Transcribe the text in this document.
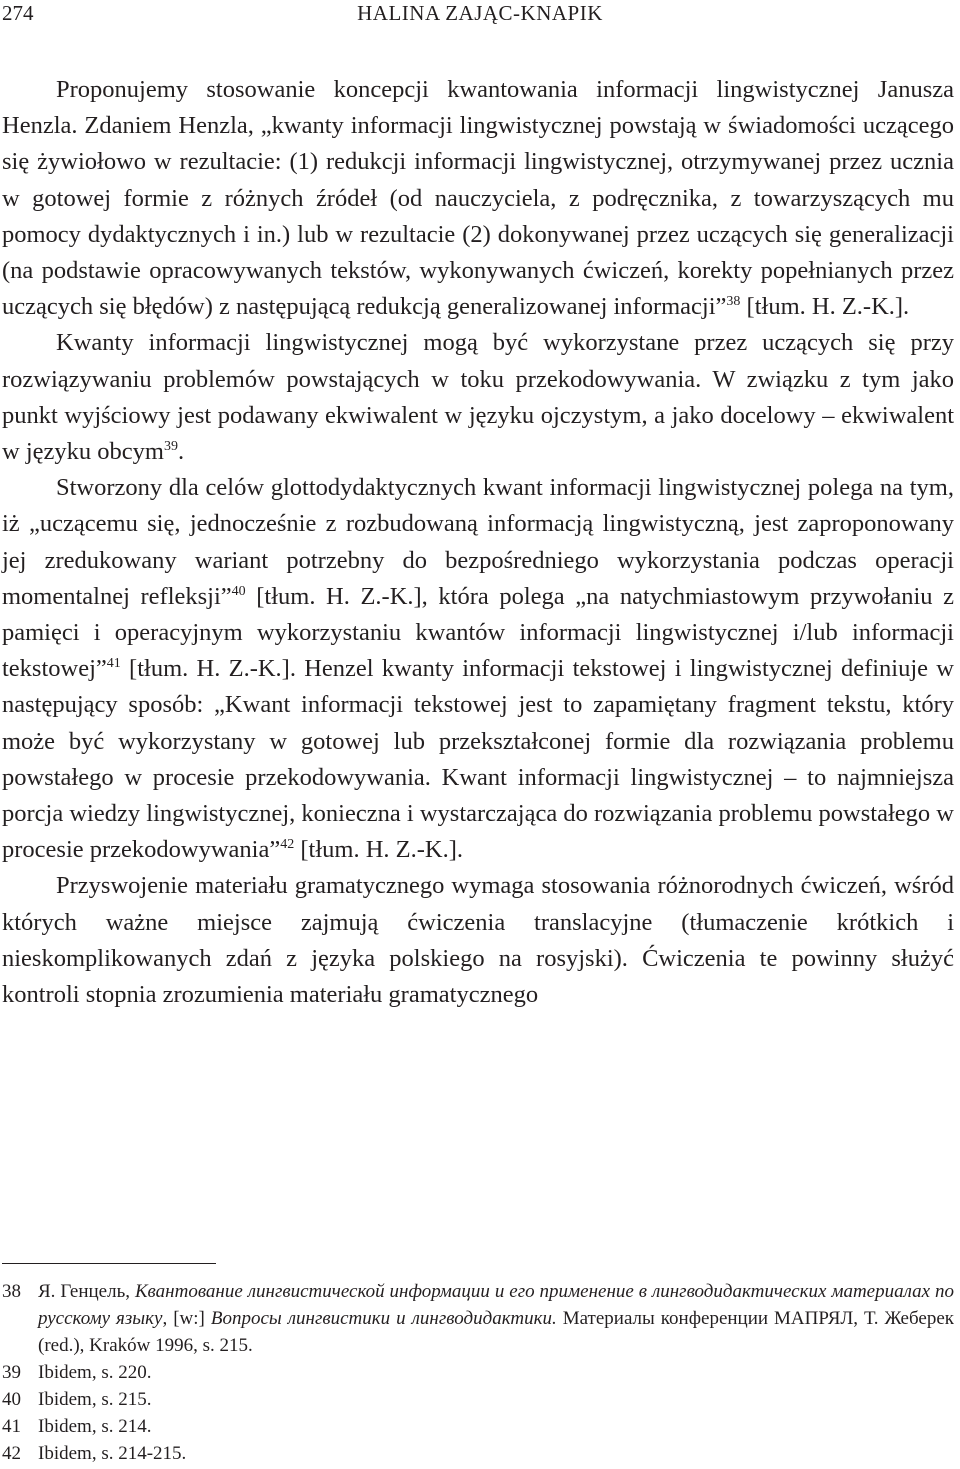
274	HALINA ZAJĄC-KNAPIK

Proponujemy stosowanie koncepcji kwantowania informacji lingwistycznej Janusza Henzla. Zdaniem Henzla, „kwanty informacji lingwistycznej powstają w świadomości uczącego się żywiołowo w rezultacie: (1) redukcji informacji lingwistycznej, otrzymywanej przez ucznia w gotowej formie z różnych źródeł (od nauczyciela, z podręcznika, z towarzyszących mu pomocy dydaktycznych i in.) lub w rezultacie (2) dokonywanej przez uczących się generalizacji (na podstawie opracowywanych tekstów, wykonywanych ćwiczeń, korekty popełnianych przez uczących się błędów) z następującą redukcją generalizowanej informacji”$^{38}$ [tłum. H. Z.-K.].

Kwanty informacji lingwistycznej mogą być wykorzystane przez uczących się przy rozwiązywaniu problemów powstających w toku przekodowywania. W związku z tym jako punkt wyjściowy jest podawany ekwiwalent w języku ojczystym, a jako docelowy – ekwiwalent w języku obcym$^{39}$.

Stworzony dla celów glottodydaktycznych kwant informacji lingwistycznej polega na tym, iż „uczącemu się, jednocześnie z rozbudowaną informacją lingwistyczną, jest zaproponowany jej zredukowany wariant potrzebny do bezpośredniego wykorzystania podczas operacji momentalnej refleksji”$^{40}$ [tłum. H. Z.-K.], która polega „na natychmiastowym przywołaniu z pamięci i operacyjnym wykorzystaniu kwantów informacji lingwistycznej i/lub informacji tekstowej”$^{41}$ [tłum. H. Z.-K.]. Henzel kwanty informacji tekstowej i lingwistycznej definiuje w następujący sposób: „Kwant informacji tekstowej jest to zapamiętany fragment tekstu, który może być wykorzystany w gotowej lub przekształconej formie dla rozwiązania problemu powstałego w procesie przekodowywania. Kwant informacji lingwistycznej – to najmniejsza porcja wiedzy lingwistycznej, konieczna i wystarczająca do rozwiązania problemu powstałego w procesie przekodowywania”$^{42}$ [tłum. H. Z.-K.].

Przyswojenie materiału gramatycznego wymaga stosowania różnorodnych ćwiczeń, wśród których ważne miejsce zajmują ćwiczenia translacyjne (tłumaczenie krótkich i nieskomplikowanych zdań z języka polskiego na rosyjski). Ćwiczenia te powinny służyć kontroli stopnia zrozumienia materiału gramatycznego

38 Я. Генцель, Квантование лингвистической информации и его применение в лингводидактических материалах по русскому языку, [w:] Вопросы лингвистики и лингводидактики. Материалы конференции МАПРЯЛ, Т. Жеберек (red.), Kraków 1996, s. 215.
39 Ibidem, s. 220.
40 Ibidem, s. 215.
41 Ibidem, s. 214.
42 Ibidem, s. 214-215.
